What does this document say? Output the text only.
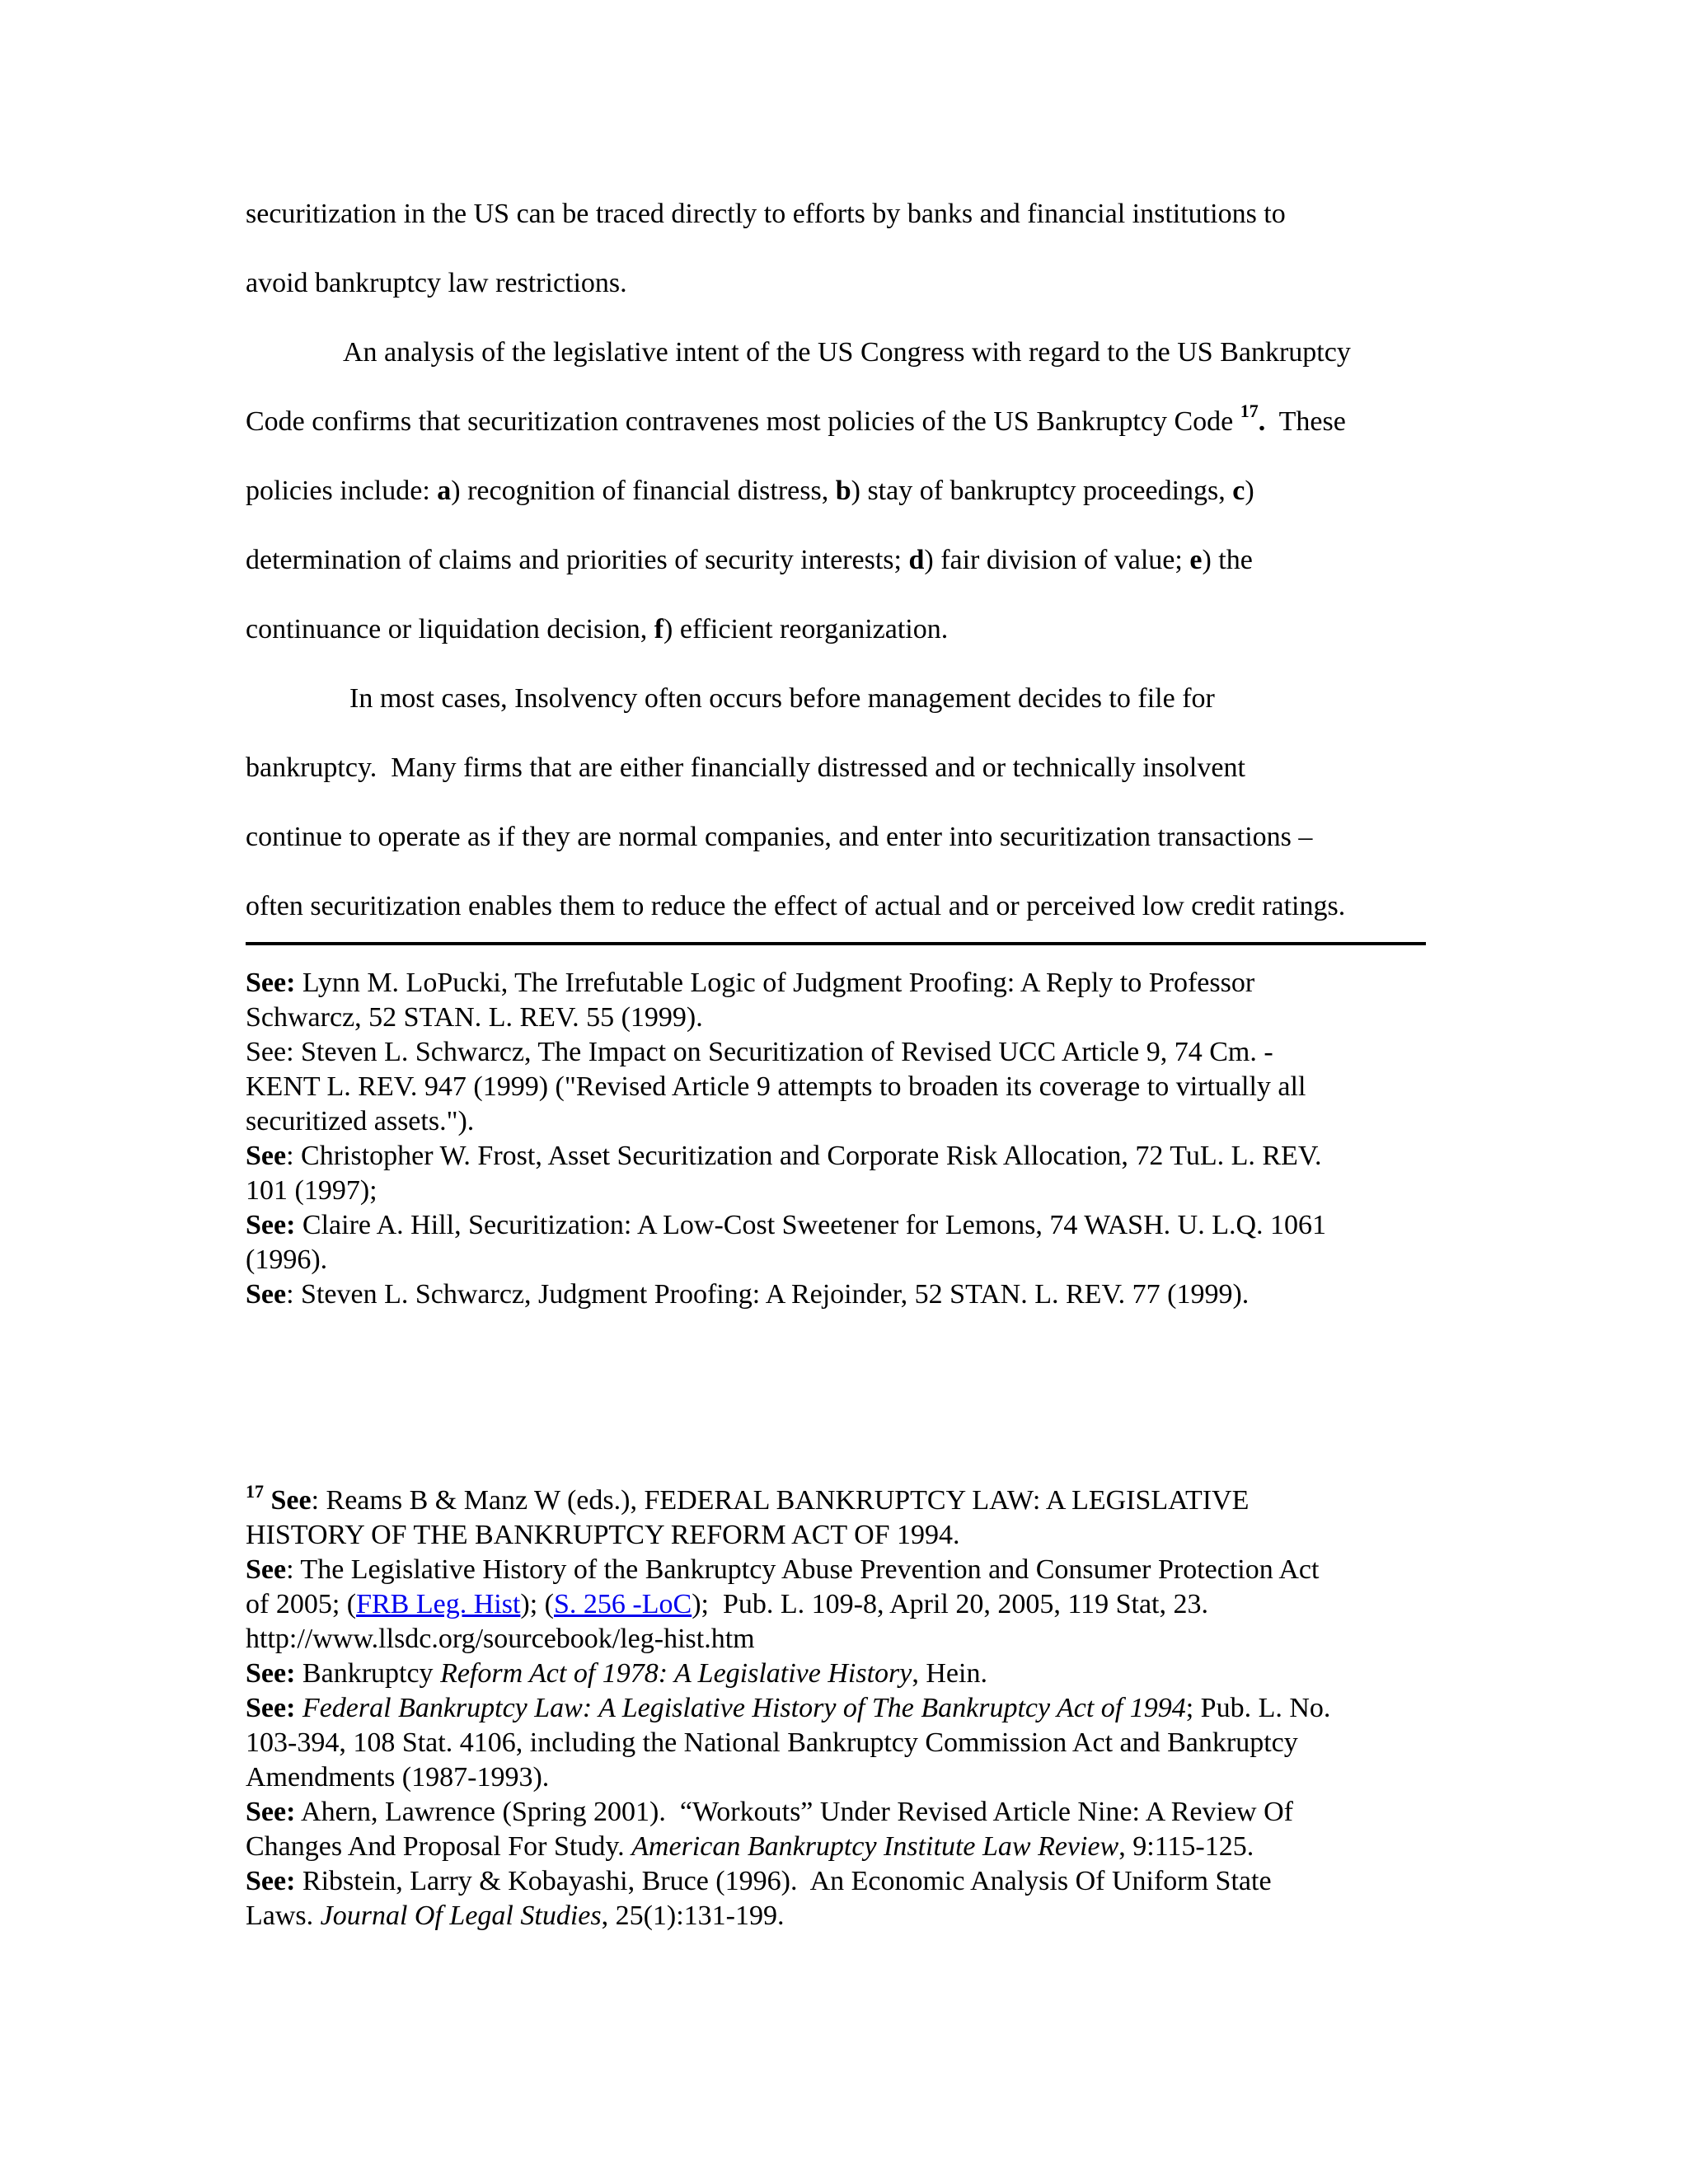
securitization in the US can be traced directly to efforts by banks and financial institutions to
avoid bankruptcy law restrictions.
An analysis of the legislative intent of the US Congress with regard to the US Bankruptcy
Code confirms that securitization contravenes most policies of the US Bankruptcy Code $^{17}$.  These
policies include: a) recognition of financial distress, b) stay of bankruptcy proceedings, c)
determination of claims and priorities of security interests; d) fair division of value; e) the
continuance or liquidation decision, f) efficient reorganization.
In most cases, Insolvency often occurs before management decides to file for
bankruptcy.  Many firms that are either financially distressed and or technically insolvent
continue to operate as if they are normal companies, and enter into securitization transactions –
often securitization enables them to reduce the effect of actual and or perceived low credit ratings.

See: Lynn M. LoPucki, The Irrefutable Logic of Judgment Proofing: A Reply to Professor

Schwarcz, 52 STAN. L. REV. 55 (1999).

See: Steven L. Schwarcz, The Impact on Securitization of Revised UCC Article 9, 74 Cm. -

KENT L. REV. 947 (1999) ("Revised Article 9 attempts to broaden its coverage to virtually all

securitized assets.").

See: Christopher W. Frost, Asset Securitization and Corporate Risk Allocation, 72 TuL. L. REV.

101 (1997);

See: Claire A. Hill, Securitization: A Low-Cost Sweetener for Lemons, 74 WASH. U. L.Q. 1061

(1996).

See: Steven L. Schwarcz, Judgment Proofing: A Rejoinder, 52 STAN. L. REV. 77 (1999).

$^{17}$ See: Reams B & Manz W (eds.), FEDERAL BANKRUPTCY LAW: A LEGISLATIVE

HISTORY OF THE BANKRUPTCY REFORM ACT OF 1994.

See: The Legislative History of the Bankruptcy Abuse Prevention and Consumer Protection Act

of 2005; (FRB Leg. Hist); (S. 256 -LoC);  Pub. L. 109-8, April 20, 2005, 119 Stat, 23.

http://www.llsdc.org/sourcebook/leg-hist.htm

See: Bankruptcy Reform Act of 1978: A Legislative History, Hein.

See: Federal Bankruptcy Law: A Legislative History of The Bankruptcy Act of 1994; Pub. L. No.

103-394, 108 Stat. 4106, including the National Bankruptcy Commission Act and Bankruptcy

Amendments (1987-1993).

See: Ahern, Lawrence (Spring 2001).  “Workouts” Under Revised Article Nine: A Review Of

Changes And Proposal For Study. American Bankruptcy Institute Law Review, 9:115-125.

See: Ribstein, Larry & Kobayashi, Bruce (1996).  An Economic Analysis Of Uniform State

Laws. Journal Of Legal Studies, 25(1):131-199.
